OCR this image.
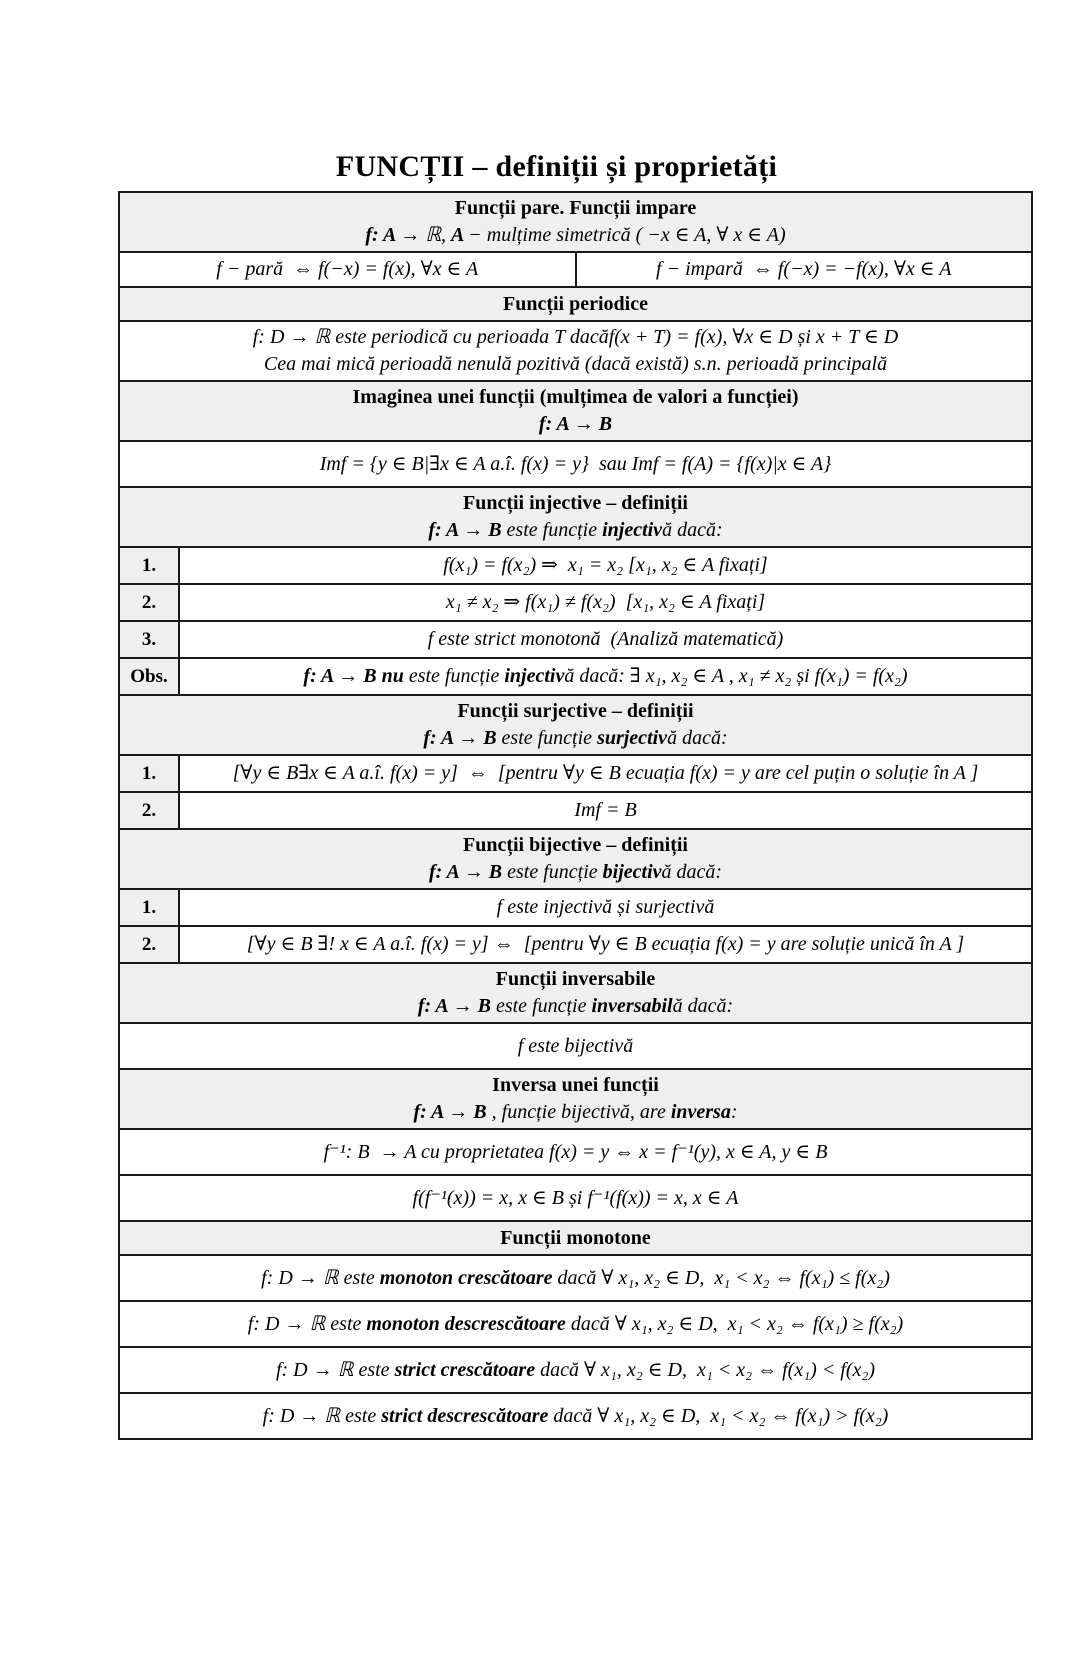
FUNCȚII – definiții și proprietăți
Funcții pare. Funcții impare
f: A → ℝ, A − mulțime simetrică ( −x ∈ A, ∀ x ∈ A)
f − pară  ⇔ f(−x) = f(x), ∀x ∈ A	f − impară  ⇔ f(−x) = −f(x), ∀x ∈ A
Funcții periodice
f: D → ℝ este periodică cu perioada T dacăf(x + T) = f(x), ∀x ∈ D și x + T ∈ D
Cea mai mică perioadă nenulă pozitivă (dacă există) s.n. perioadă principală
Imaginea unei funcții (mulțimea de valori a funcției)
f: A → B
Imf = {y ∈ B|∃x ∈ A a.î. f(x) = y}  sau Imf = f(A) = {f(x)|x ∈ A}
Funcții injective – definiții
f: A → B este funcție injectivă dacă:
1.	f(x₁) = f(x₂) ⇒  x₁ = x₂ [x₁, x₂ ∈ A fixați]
2.	x₁ ≠ x₂ ⇒ f(x₁) ≠ f(x₂)  [x₁, x₂ ∈ A fixați]
3.	f este strict monotonă  (Analiză matematică)
Obs.	f: A → B nu este funcție injectivă dacă: ∃ x₁, x₂ ∈ A , x₁ ≠ x₂ și f(x₁) = f(x₂)
Funcții surjective – definiții
f: A → B este funcție surjectivă dacă:
1.	[∀y ∈ B∃x ∈ A a.î. f(x) = y]  ⇔  [pentru ∀y ∈ B ecuația f(x) = y are cel puțin o soluție în A ]
2.	Imf = B
Funcții bijective – definiții
f: A → B este funcție bijectivă dacă:
1.	f este injectivă și surjectivă
2.	[∀y ∈ B ∃! x ∈ A a.î. f(x) = y] ⇔  [pentru ∀y ∈ B ecuația f(x) = y are soluție unică în A ]
Funcții inversabile
f: A → B este funcție inversabilă dacă:
f este bijectivă
Inversa unei funcții
f: A → B , funcție bijectivă, are inversa:
f⁻¹: B  → A cu proprietatea f(x) = y ⇔ x = f⁻¹(y), x ∈ A, y ∈ B
f(f⁻¹(x)) = x, x ∈ B și f⁻¹(f(x)) = x, x ∈ A
Funcții monotone
f: D → ℝ este monoton crescătoare dacă ∀ x₁, x₂ ∈ D,  x₁ < x₂ ⇔ f(x₁) ≤ f(x₂)
f: D → ℝ este monoton descrescătoare dacă ∀ x₁, x₂ ∈ D,  x₁ < x₂ ⇔ f(x₁) ≥ f(x₂)
f: D → ℝ este strict crescătoare dacă ∀ x₁, x₂ ∈ D,  x₁ < x₂ ⇔ f(x₁) < f(x₂)
f: D → ℝ este strict descrescătoare dacă ∀ x₁, x₂ ∈ D,  x₁ < x₂ ⇔ f(x₁) > f(x₂)
